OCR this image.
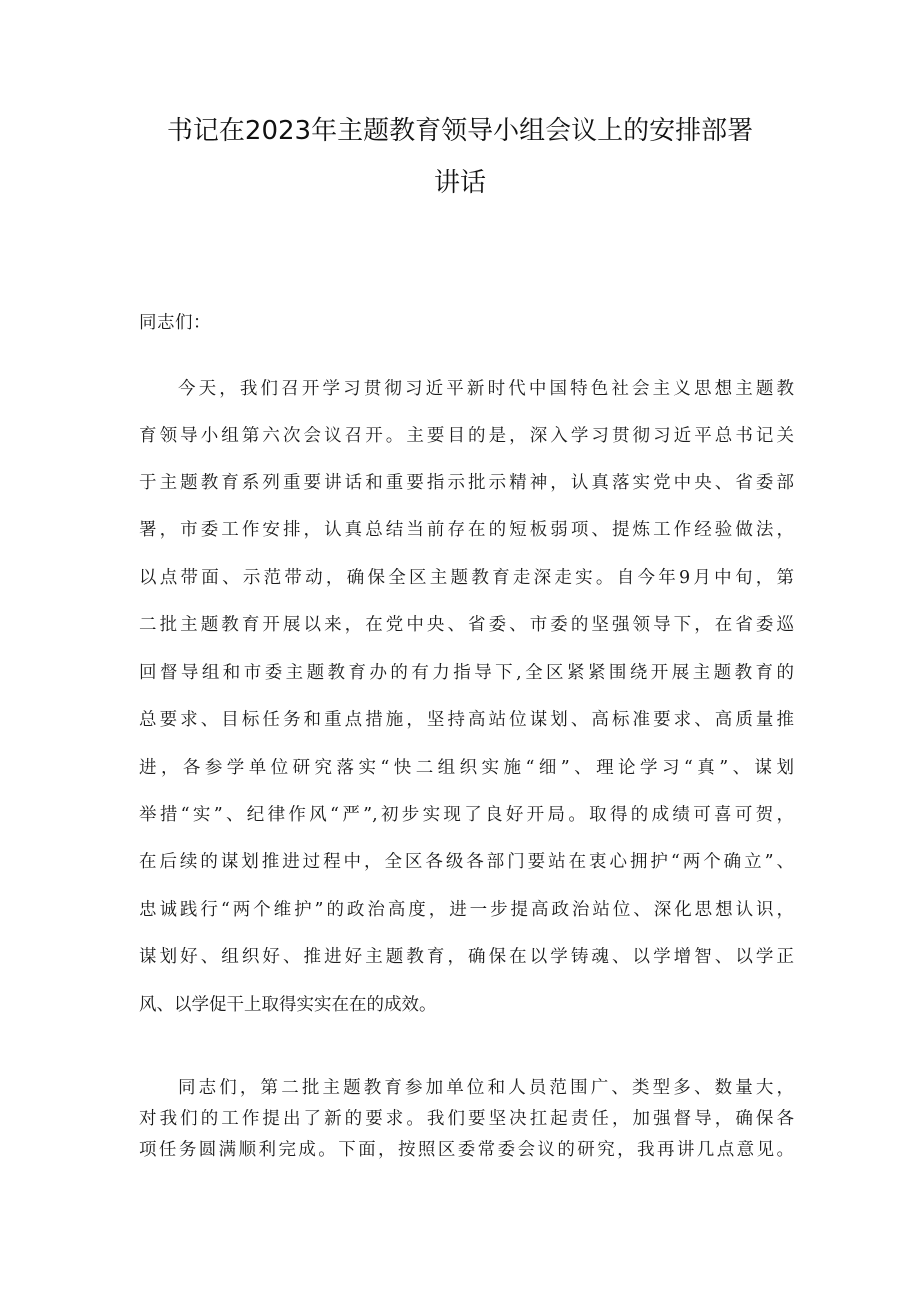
书记在2023年主题教育领导小组会议上的安排部署
讲话
同志们：
今天，我们召开学习贯彻习近平新时代中国特色社会主义思想主题教
育领导小组第六次会议召开。主要目的是，深入学习贯彻习近平总书记关
于主题教育系列重要讲话和重要指示批示精神，认真落实党中央、省委部
署，市委工作安排，认真总结当前存在的短板弱项、提炼工作经验做法，
以点带面、示范带动，确保全区主题教育走深走实。自今年9月中旬，第
二批主题教育开展以来，在党中央、省委、市委的坚强领导下，在省委巡
回督导组和市委主题教育办的有力指导下,全区紧紧围绕开展主题教育的
总要求、目标任务和重点措施，坚持高站位谋划、高标准要求、高质量推
进，各参学单位研究落实“快二组织实施“细”、理论学习“真”、谋划
举措“实”、纪律作风“严”,初步实现了良好开局。取得的成绩可喜可贺，
在后续的谋划推进过程中，全区各级各部门要站在衷心拥护“两个确立”、
忠诚践行“两个维护”的政治高度，进一步提高政治站位、深化思想认识，
谋划好、组织好、推进好主题教育，确保在以学铸魂、以学增智、以学正
风、以学促干上取得实实在在的成效。
同志们，第二批主题教育参加单位和人员范围广、类型多、数量大，
对我们的工作提出了新的要求。我们要坚决扛起责任，加强督导，确保各
项任务圆满顺利完成。下面，按照区委常委会议的研究，我再讲几点意见。
